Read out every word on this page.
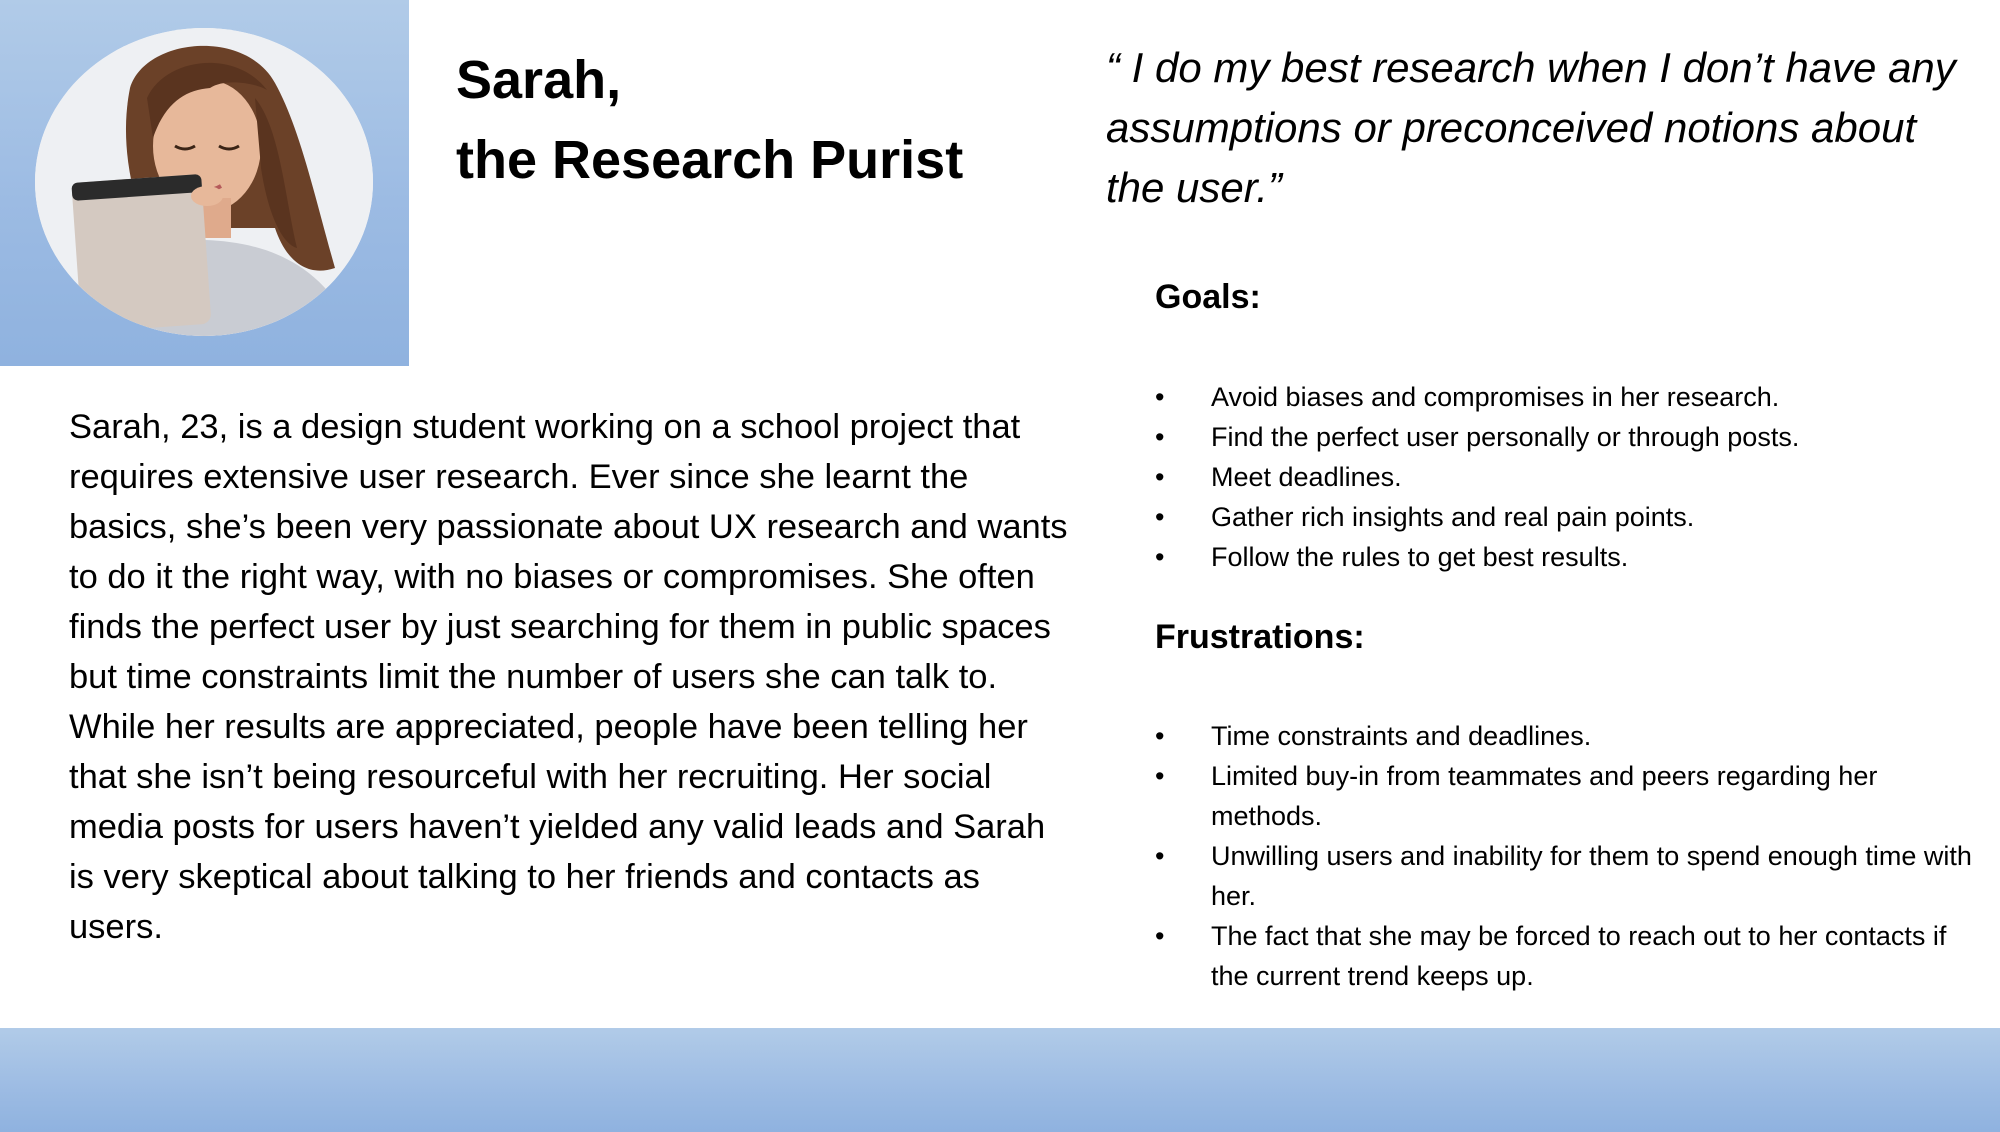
Sarah,
the Research Purist

“ I do my best research when I don’t have any assumptions or preconceived notions about the user.”

Sarah, 23, is a design student working on a school project that requires extensive user research. Ever since she learnt the basics, she’s been very passionate about UX research and wants to do it the right way, with no biases or compromises. She often finds the perfect user by just searching for them in public spaces but time constraints limit the number of users she can talk to. While her results are appreciated, people have been telling her that she isn’t being resourceful with her recruiting. Her social media posts for users haven’t yielded any valid leads and Sarah is very skeptical about talking to her friends and contacts as users.

Goals:
• Avoid biases and compromises in her research.
• Find the perfect user personally or through posts.
• Meet deadlines.
• Gather rich insights and real pain points.
• Follow the rules to get best results.
Frustrations:
• Time constraints and deadlines.
• Limited buy-in from teammates and peers regarding her methods.
• Unwilling users and inability for them to spend enough time with her.
• The fact that she may be forced to reach out to her contacts if the current trend keeps up.
